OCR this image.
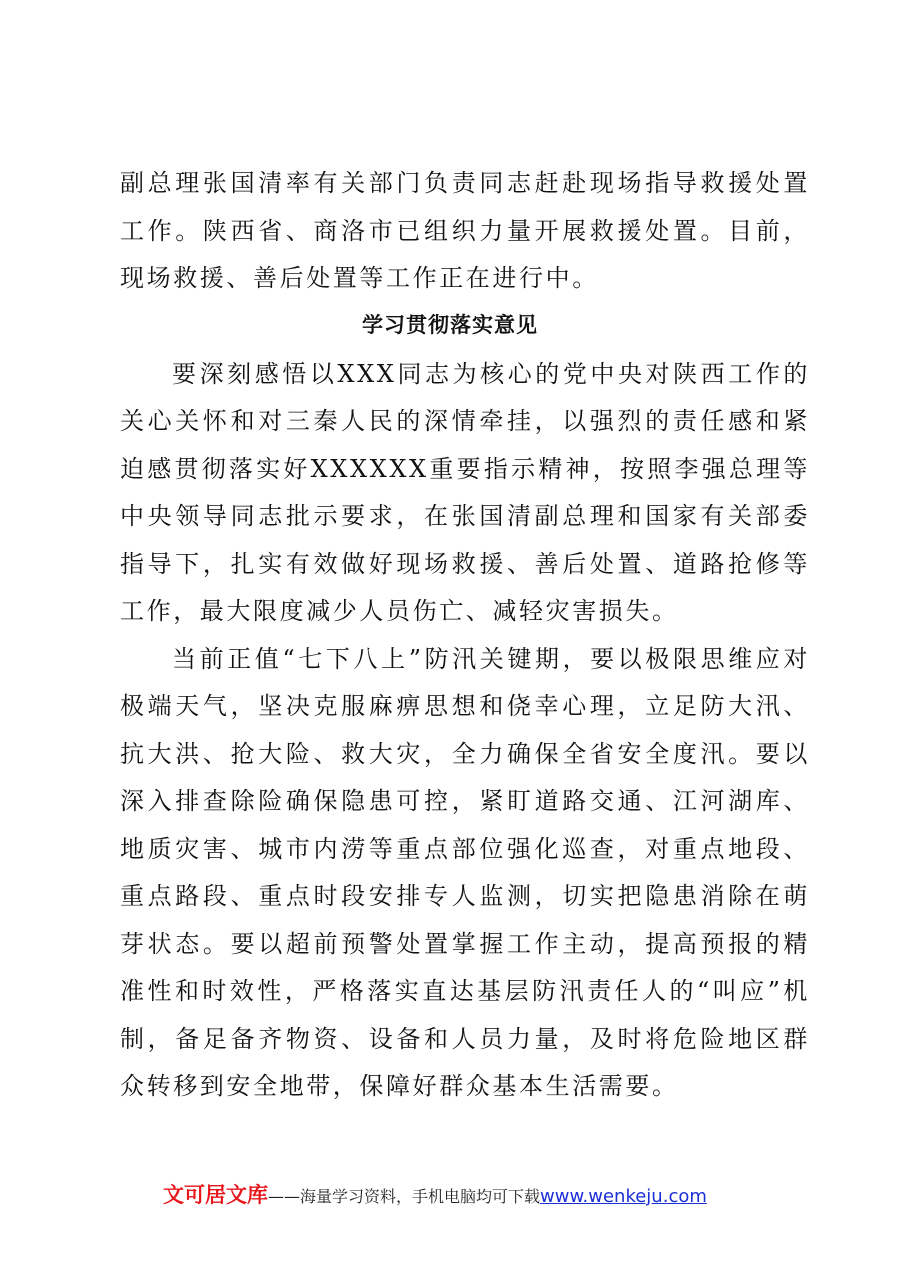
副总理张国清率有关部门负责同志赶赴现场指导救援处置工作。陕西省、商洛市已组织力量开展救援处置。目前，现场救援、善后处置等工作正在进行中。

学习贯彻落实意见

要深刻感悟以XXX同志为核心的党中央对陕西工作的关心关怀和对三秦人民的深情牵挂，以强烈的责任感和紧迫感贯彻落实好XXXXXX重要指示精神，按照李强总理等中央领导同志批示要求，在张国清副总理和国家有关部委指导下，扎实有效做好现场救援、善后处置、道路抢修等工作，最大限度减少人员伤亡、减轻灾害损失。

当前正值“七下八上”防汛关键期，要以极限思维应对极端天气，坚决克服麻痹思想和侥幸心理，立足防大汛、抗大洪、抢大险、救大灾，全力确保全省安全度汛。要以深入排查除险确保隐患可控，紧盯道路交通、江河湖库、地质灾害、城市内涝等重点部位强化巡查，对重点地段、重点路段、重点时段安排专人监测，切实把隐患消除在萌芽状态。要以超前预警处置掌握工作主动，提高预报的精准性和时效性，严格落实直达基层防汛责任人的“叫应”机制，备足备齐物资、设备和人员力量，及时将危险地区群众转移到安全地带，保障好群众基本生活需要。

文可居文库——海量学习资料，手机电脑均可下载www.wenkeju.com
